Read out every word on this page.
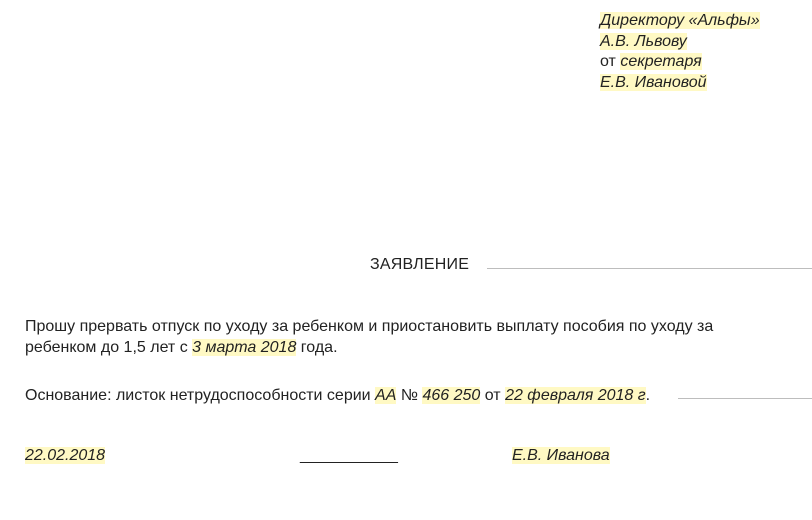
Директору «Альфы»
А.В. Львову
от секретаря
Е.В. Ивановой
ЗАЯВЛЕНИЕ
Прошу прервать отпуск по уходу за ребенком и приостановить выплату пособия по уходу за ребенком до 1,5 лет с 3 марта 2018 года.
Основание: листок нетрудоспособности серии АА № 466 250 от 22 февраля 2018 г.
22.02.2018	___________	Е.В. Иванова
